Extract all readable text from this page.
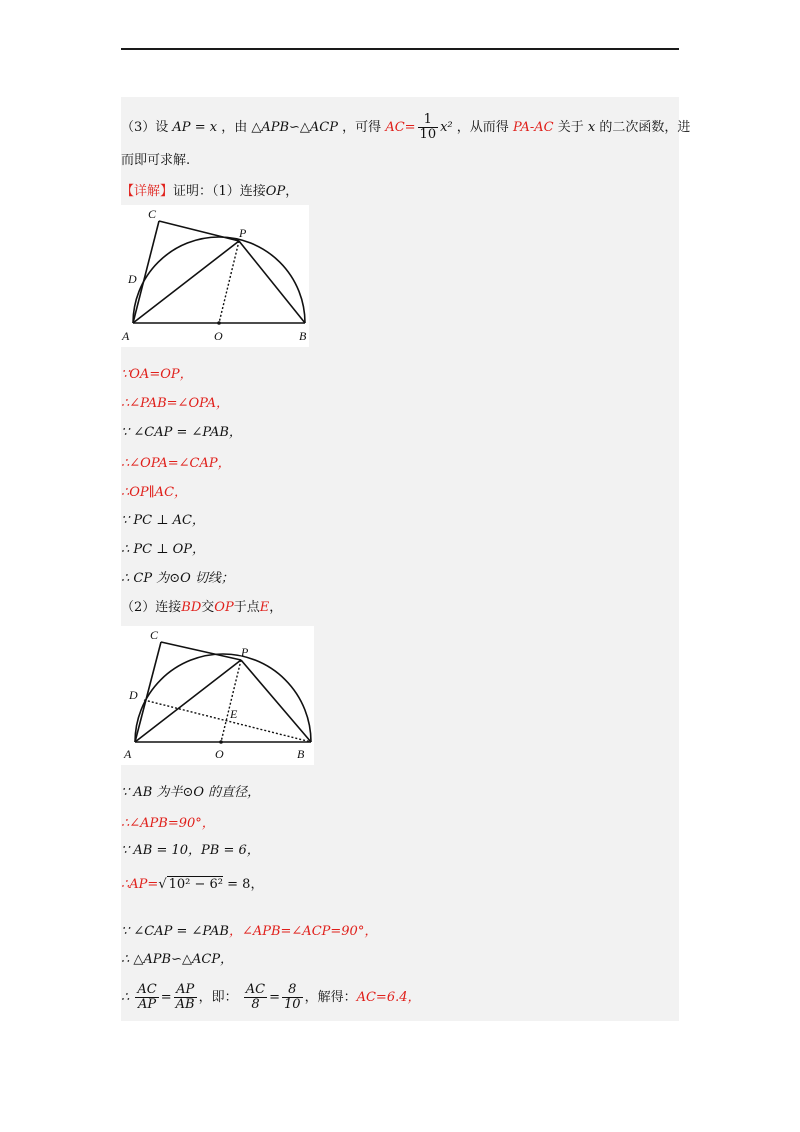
（3）设 AP = x ，由 △APB∽△ACP ，可得 $AC= \frac{1}{10} x^2$ ，从而得 PA-AC 关于 x 的二次函数，进
而即可求解.
【详解】证明：（1）连接OP，
C
P
D
A	O	B
∵OA=OP，
∴∠PAB=∠OPA，
∵ ∠CAP = ∠PAB，
∴∠OPA=∠CAP，
∴OP∥AC，
∵ PC ⊥ AC，
∴ PC ⊥ OP，
∴ CP 为⊙O 切线；
（2）连接BD交OP于点E，
C
P
D
E
A	O	B
∵ AB 为半⊙O 的直径，
∴∠APB=90°，
∵ AB = 10，PB = 6，
∴AP=√ 10² − 6² = 8，
∵ ∠CAP = ∠PAB，∠APB=∠ACP=90°，
∴ △APB∽△ACP，
∴ $\frac{AC}{AP} = \frac{AP}{AB}$ ，即： $\frac{AC}{8} = \frac{8}{10}$ ，解得：AC=6.4，
